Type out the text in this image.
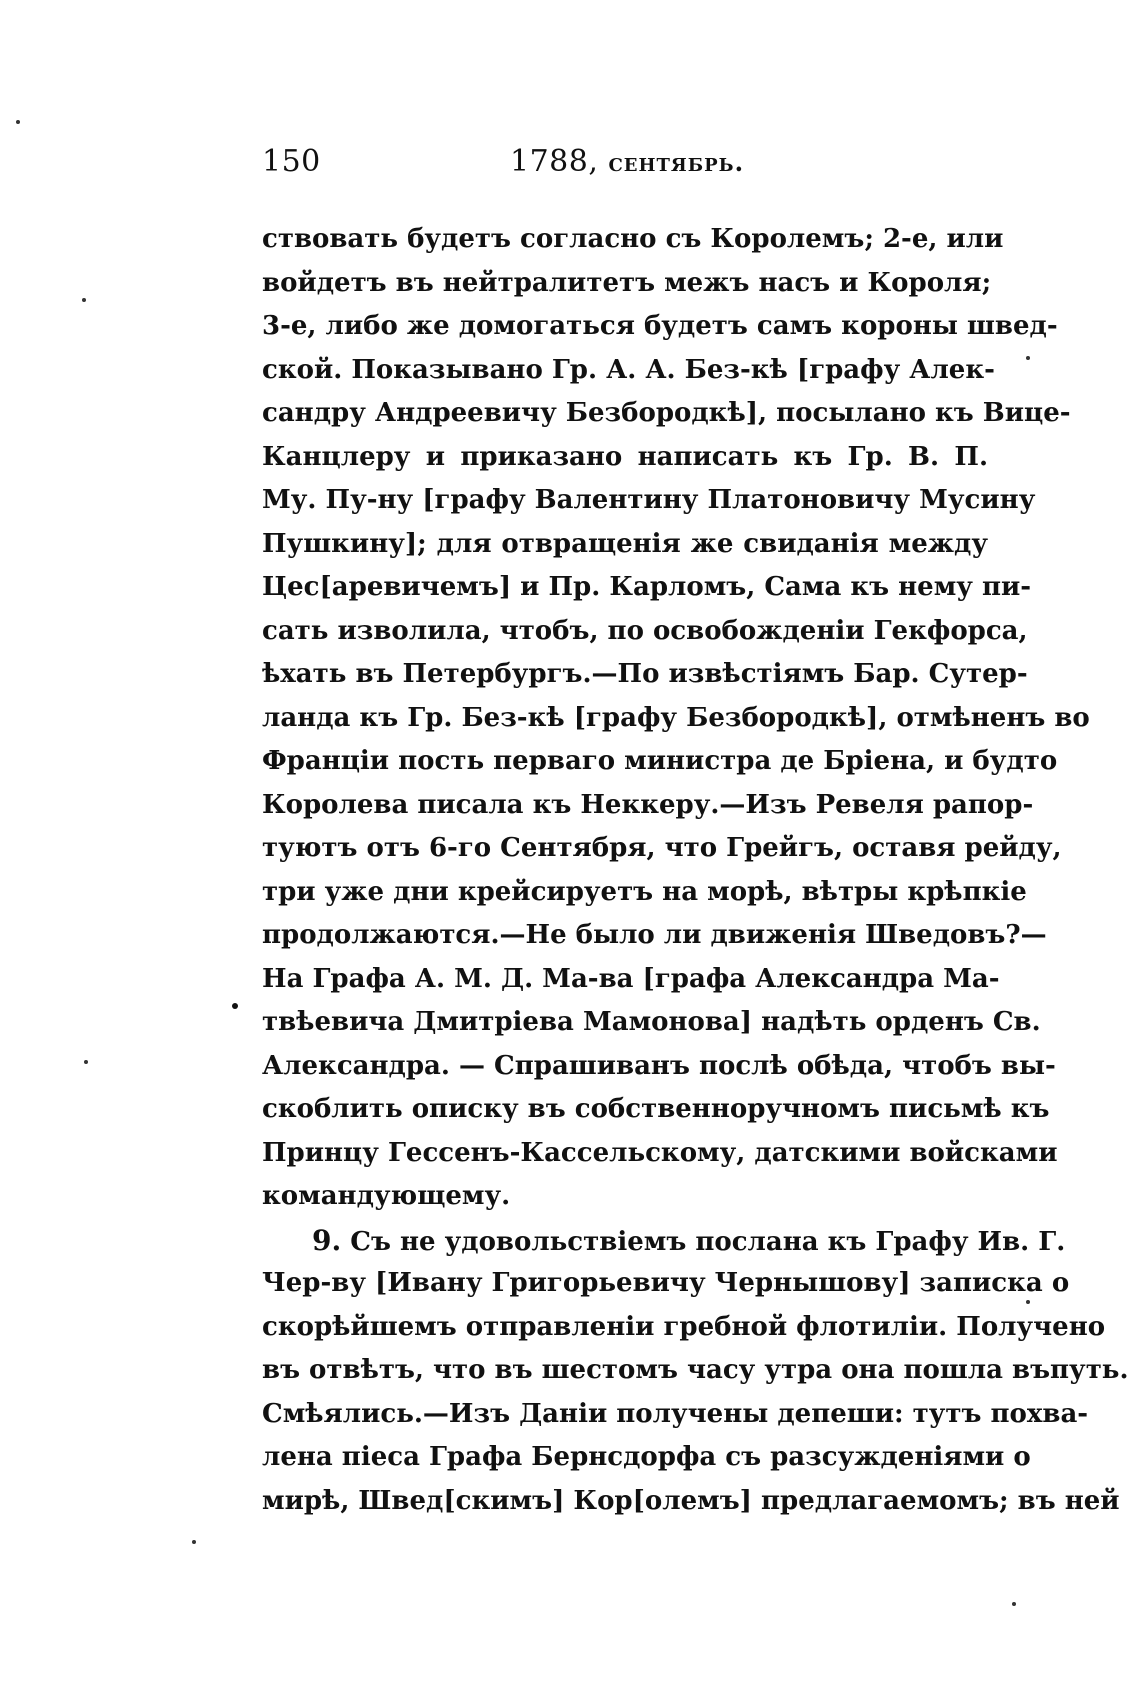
150	1788, сентябрь.
ствовать будетъ согласно съ Королемъ; 2-е, или
войдетъ въ нейтралитетъ межъ насъ и Короля;
3-е, либо же домогаться будетъ самъ короны швед-
ской. Показывано Гр. А. А. Без-кѣ [графу Алек-
сандру Андреевичу Безбородкѣ], посылано къ Вице-
Канцлеру и приказано написать къ Гр. В. П.
Му. Пу-ну [графу Валентину Платоновичу Мусину
Пушкину]; для отвращенія же свиданія между
Цес[аревичемъ] и Пр. Карломъ, Сама къ нему пи-
сать изволила, чтобъ, по освобожденіи Гекфорса,
ѣхать въ Петербургъ.—По извѣстіямъ Бар. Сутер-
ланда къ Гр. Без-кѣ [графу Безбородкѣ], отмѣненъ во
Франціи пость перваго министра де Бріена, и будто
Королева писала къ Неккеру.—Изъ Ревеля рапор-
туютъ отъ 6-го Сентября, что Грейгъ, оставя рейду,
три уже дни крейсируетъ на морѣ, вѣтры крѣпкіе
продолжаются.—Не было ли движенія Шведовъ?—
На Графа А. М. Д. Ма-ва [графа Александра Ма-
твѣевича Дмитріева Мамонова] надѣть орденъ Св.
Александра. — Спрашиванъ послѣ обѣда, чтобъ вы-
скоблить описку въ собственноручномъ письмѣ къ
Принцу Гессенъ-Кассельскому, датскими войсками
командующему.
9. Съ не удовольствіемъ послана къ Графу Ив. Г.
Чер-ву [Ивану Григорьевичу Чернышову] записка о
скорѣйшемъ отправленіи гребной флотиліи. Получено
въ отвѣтъ, что въ шестомъ часу утра она пошла въпуть.
Смѣялись.—Изъ Даніи получены депеши: тутъ похва-
лена піеса Графа Бернсдорфа съ разсужденіями о
мирѣ, Швед[скимъ] Кор[олемъ] предлагаемомъ; въ ней
